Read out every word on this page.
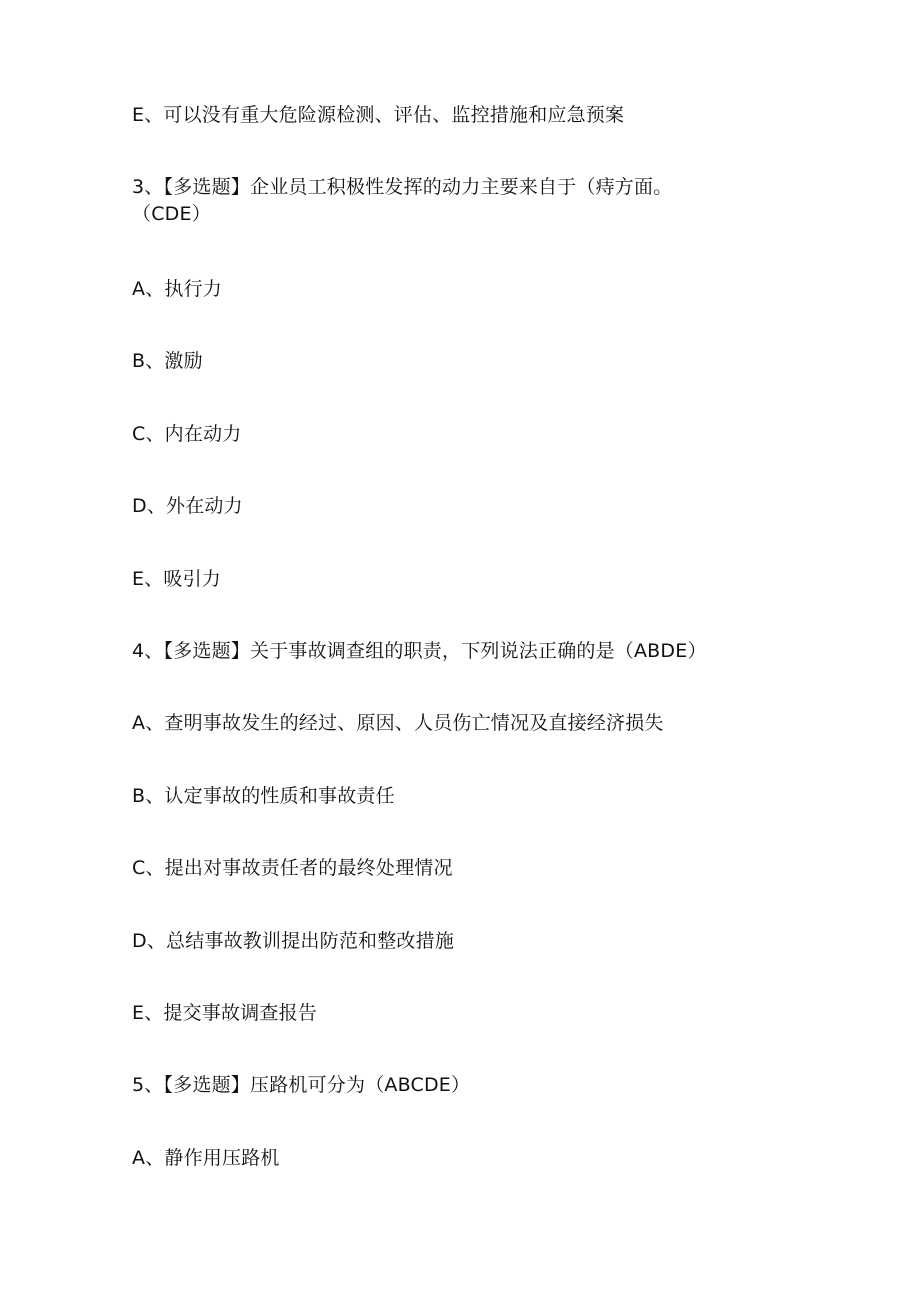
E、可以没有重大危险源检测、评估、监控措施和应急预案
3、【多选题】企业员工积极性发挥的动力主要来自于（痔方面。
（CDE）
A、执行力
B、激励
C、内在动力
D、外在动力
E、吸引力
4、【多选题】关于事故调查组的职责，下列说法正确的是（ABDE）
A、查明事故发生的经过、原因、人员伤亡情况及直接经济损失
B、认定事故的性质和事故责任
C、提出对事故责任者的最终处理情况
D、总结事故教训提出防范和整改措施
E、提交事故调查报告
5、【多选题】压路机可分为（ABCDE）
A、静作用压路机
